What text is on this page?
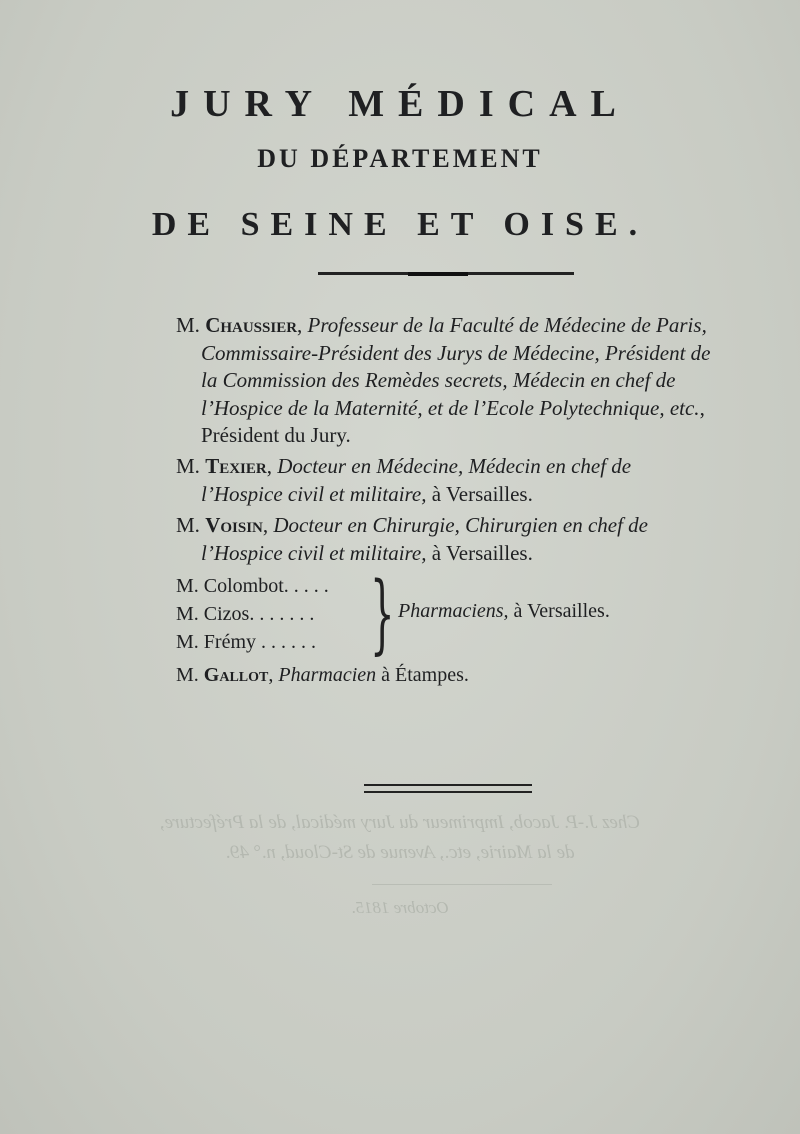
JURY MÉDICAL
DU DÉPARTEMENT
DE SEINE ET OISE.
M. Chaussier, Professeur de la Faculté de Médecine de Paris, Commissaire-Président des Jurys de Médecine, Président de la Commission des Remèdes secrets, Médecin en chef de l’Hospice de la Maternité, et de l’Ecole Polytechnique, etc., Président du Jury.
M. Texier, Docteur en Médecine, Médecin en chef de l’Hospice civil et militaire, à Versailles.
M. Voisin, Docteur en Chirurgie, Chirurgien en chef de l’Hospice civil et militaire, à Versailles.
M. Colombot. . . . .
M. Cizos. . . . . . .
M. Frémy . . . . . . } Pharmaciens, à Versailles.
M. Gallot, Pharmacien à Étampes.
Chez J.-P. Jacob, Imprimeur du Jury médical, de la Préfecture,
de la Mairie, etc., Avenue de St-Cloud, n.° 49.
Octobre 1815.
